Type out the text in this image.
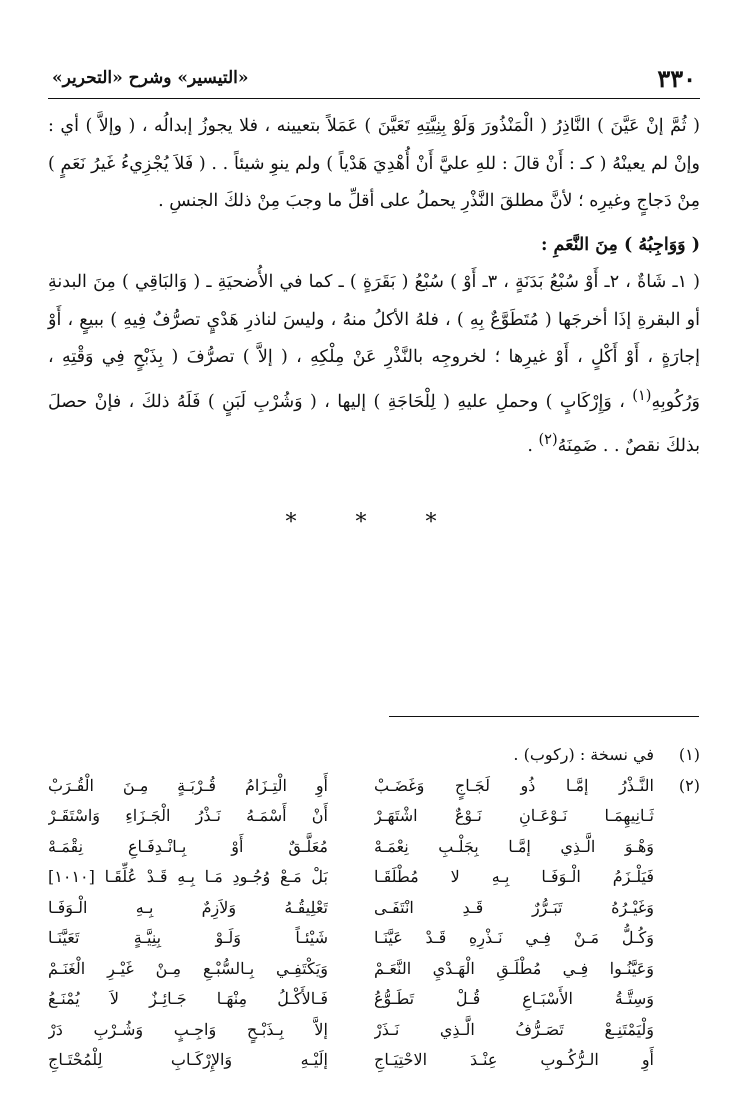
٣٣٠
«التيسير» وشرح «التحرير»

( ثُمَّ إنْ عَيَّنَ ) النَّاذِرُ ( الْمَنْذُورَ وَلَوْ بِنِيَّتِهِ تَعَيَّنَ ) عَمَلاً بتعيينه ، فلا يجوزُ إبدالُه ، ( وإلاَّ ) أي : وإنْ لم يعينْهُ ( كـ : أَنْ قالَ : للهِ عليَّ أَنْ أُهْدِيَ هَدْياً ) ولم ينوِ شيئاً . . ( فَلاَ يُجْزِيءُ غَيرُ نَعَمٍ ) مِنْ دَجاجٍ وغيرِه ؛ لأنَّ مطلقَ النَّذْرِ يحملُ على أقلِّ ما وجبَ مِنْ ذلكَ الجنسِ .

( وَوَاجِبُهُ ) مِنَ النَّعَمِ :

( ١ـ شَاةٌ ، ٢ـ أَوْ سُبْعُ بَدَنَةٍ ، ٣ـ أَوْ ) سُبْعُ ( بَقَرَةٍ ) ـ كما في الأُضحيَةِ ـ ( وَالبَاقِي ) مِنَ البدنةِ أو البقرةِ إذَا أخرجَها ( مُتَطَوَّعٌ بِهِ ) ، فلهُ الأكلُ منهُ ، وليسَ لناذرِ هَدْيٍ تصرُّفٌ فِيهِ ) ببيعٍ ، أَوْ إجارَةٍ ، أَوْ أَكْلٍ ، أَوْ غيرِها ؛ لخروجِه بالنَّذْرِ عَنْ مِلْكِهِ ، ( إلاَّ ) تصرُّفَ ( بِذَبْحٍ فِي وَقْتِهِ ، وَرُكُوبِهِ$^{(١)}$ ، وَإِرْكَابٍ ) وحملِ عليهِ ( لِلْحَاجَةِ ) إليها ، ( وَشُرْبِ لَبَنٍ ) فَلَهُ ذلكَ ، فإنْ حصلَ بذلكَ نقصٌ . . ضَمِنَهُ$^{(٢)}$ .

* * *
(١)
في نسخة : (ركوب) .
(٢)
النَّـذْرُ إمَّـا ذُو لَجَـاجٍ وَغَضَـبْ
ثَـانِيهِمَـا نَـوْعَـانِ نَـوْعٌ اشْتَهَـرْ
وَهْـوَ الَّـذِي إمَّـا بِجَلْـبِ نِعْمَـهْ
فَيَلْـزَمُ الْـوَفَـا بِـهِ لا مُطْلَقَـا
وَغَيْـرُهُ تَبَـرُّرٌ قَـدِ انْتَفَـى
وَكُـلُّ مَـنْ فِـي نَـذْرِهِ قَـدْ عَيَّنَـا
وَعَيَّنُـوا فِـي مُطْلَـقِ الْهَـدْيِ النَّعَـمْ
وَسِتَّـةُ الأَسْبَـاعِ قُـلْ تَطَـوُّعُ
وَلْيَمْتَنِـعْ تَصَـرُّفُ الَّـذِي نَـذَرْ
أَوِ الـرُّكُـوبِ عِنْـدَ الاحْتِيَـاجِ
أَوِ الْتِـزَامُ قُـرْبَـةٍ مِـنَ الْقُـرَبْ
أَنْ أَسْمَـهُ نَـذْرُ الْجَـزَاءِ وَاسْتَقَـرْ
مُعَلَّـقٌ أَوْ بِـانْـدِفَـاعِ نِقْمَـهْ
بَلْ مَـعْ وُجُـودِ مَـا بِـهِ قَـدْ عُلِّقَـا [١٠١٠]
تَعْلِيقُـهُ وَلاَزِمٌ بِـهِ الْـوَفَـا
شَيْئـاً وَلَـوْ بِنِيَّـةٍ تَعَيَّنَـا
وَيَكْتَفِـي بِـالسُّبْـعِ مِـنْ غَيْـرِ الْغَنَـمْ
فَـالأَكْـلُ مِنْهَـا جَـائِـزٌ لاَ يُمْنَـعُ
إلاَّ بِـذَبْـحٍ وَاجِـبٍ وَشُـرْبِ دَرْ
إلَيْـهِ وَالإِرْكَـابِ لِلْمُحْتَـاجِ
